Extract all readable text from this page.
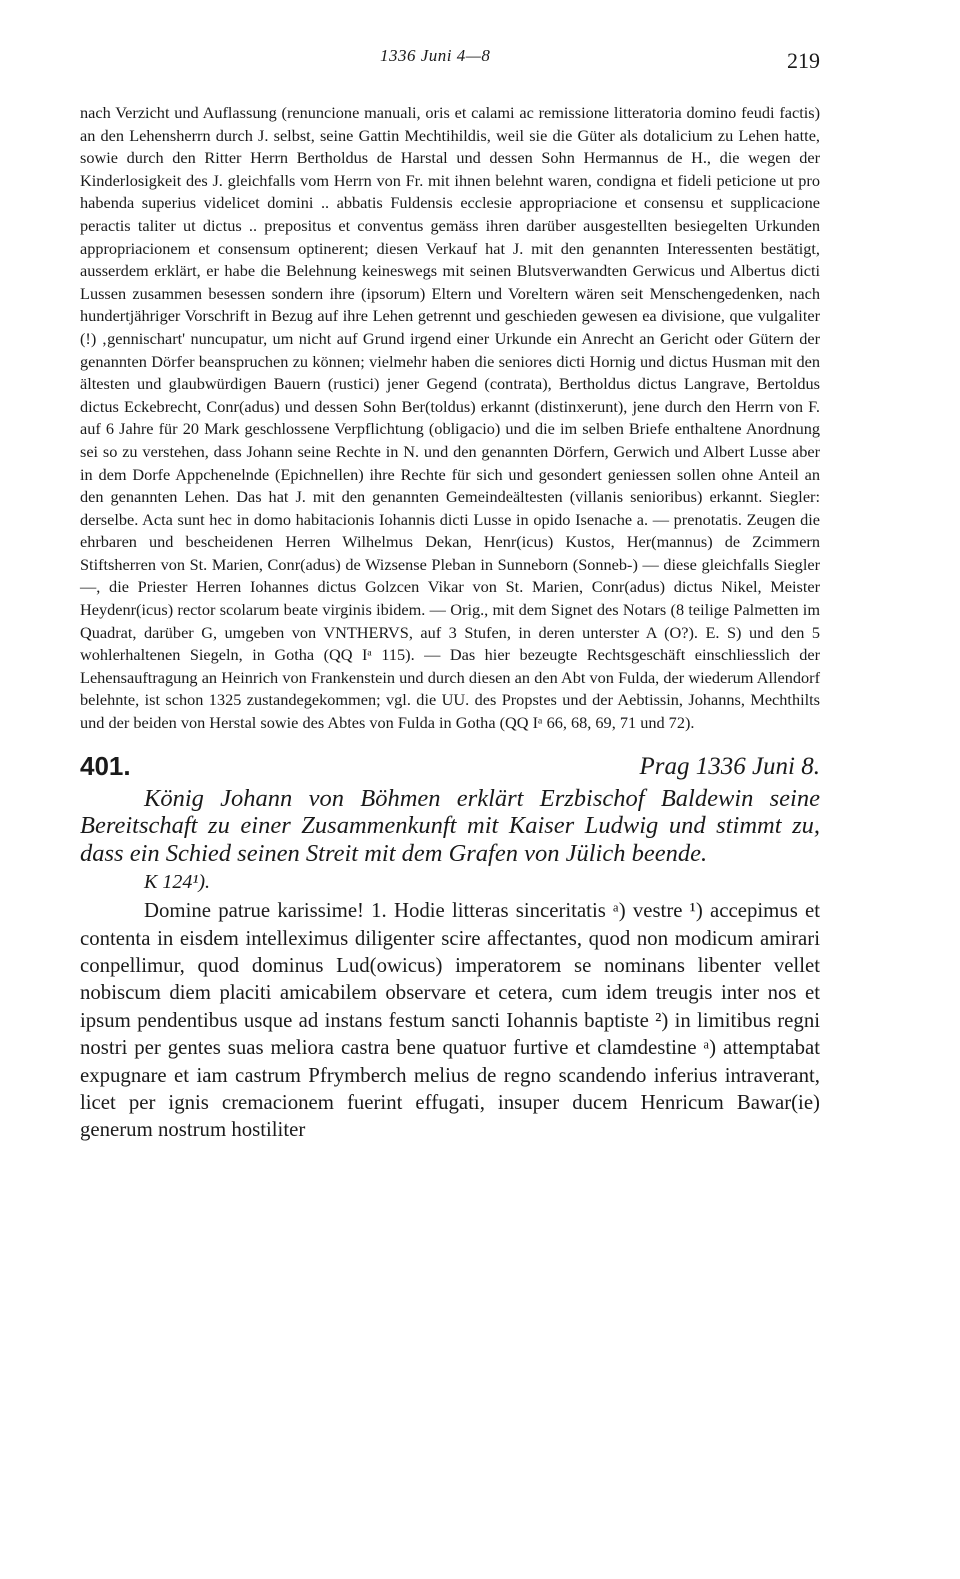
1336 Juni 4—8	219

nach Verzicht und Auflassung (renuncione manuali, oris et calami ac remissione litteratoria domino feudi factis) an den Lehensherrn durch J. selbst, seine Gattin Mechtihildis, weil sie die Güter als dotalicium zu Lehen hatte, sowie durch den Ritter Herrn Bertholdus de Harstal und dessen Sohn Hermannus de H., die wegen der Kinderlosigkeit des J. gleichfalls vom Herrn von Fr. mit ihnen belehnt waren, condigna et fideli peticione ut pro habenda superius videlicet domini .. abbatis Fuldensis ecclesie appropriacione et consensu et supplicacione peractis taliter ut dictus .. prepositus et conventus gemäss ihren darüber ausgestellten besiegelten Urkunden appropriacionem et consensum optinerent; diesen Verkauf hat J. mit den genannten Interessenten bestätigt, ausserdem erklärt, er habe die Belehnung keineswegs mit seinen Blutsverwandten Gerwicus und Albertus dicti Lussen zusammen besessen sondern ihre (ipsorum) Eltern und Voreltern wären seit Menschengedenken, nach hundertjähriger Vorschrift in Bezug auf ihre Lehen getrennt und geschieden gewesen ea divisione, que vulgaliter (!) ‚gennischart' nuncupatur, um nicht auf Grund irgend einer Urkunde ein Anrecht an Gericht oder Gütern der genannten Dörfer beanspruchen zu können; vielmehr haben die seniores dicti Hornig und dictus Husman mit den ältesten und glaubwürdigen Bauern (rustici) jener Gegend (contrata), Bertholdus dictus Langrave, Bertoldus dictus Eckebrecht, Conr(adus) und dessen Sohn Ber(toldus) erkannt (distinxerunt), jene durch den Herrn von F. auf 6 Jahre für 20 Mark geschlossene Verpflichtung (obligacio) und die im selben Briefe enthaltene Anordnung sei so zu verstehen, dass Johann seine Rechte in N. und den genannten Dörfern, Gerwich und Albert Lusse aber in dem Dorfe Appchenelnde (Epichnellen) ihre Rechte für sich und gesondert geniessen sollen ohne Anteil an den genannten Lehen. Das hat J. mit den genannten Gemeindeältesten (villanis senioribus) erkannt. Siegler: derselbe. Acta sunt hec in domo habitacionis Iohannis dicti Lusse in opido Isenache a. — prenotatis. Zeugen die ehrbaren und bescheidenen Herren Wilhelmus Dekan, Henr(icus) Kustos, Her(mannus) de Zcimmern Stiftsherren von St. Marien, Conr(adus) de Wizsense Pleban in Sunneborn (Sonneb-) — diese gleichfalls Siegler —, die Priester Herren Iohannes dictus Golzcen Vikar von St. Marien, Conr(adus) dictus Nikel, Meister Heydenr(icus) rector scolarum beate virginis ibidem. — Orig., mit dem Signet des Notars (8 teilige Palmetten im Quadrat, darüber G, umgeben von VNTHERVS, auf 3 Stufen, in deren unterster A (O?). E. S) und den 5 wohlerhaltenen Siegeln, in Gotha (QQ Iᵃ 115). — Das hier bezeugte Rechtsgeschäft einschliesslich der Lehensauftragung an Heinrich von Frankenstein und durch diesen an den Abt von Fulda, der wiederum Allendorf belehnte, ist schon 1325 zustandegekommen; vgl. die UU. des Propstes und der Aebtissin, Johanns, Mechthilts und der beiden von Herstal sowie des Abtes von Fulda in Gotha (QQ Iᵃ 66, 68, 69, 71 und 72).

401.	Prag 1336 Juni 8.

König Johann von Böhmen erklärt Erzbischof Baldewin seine Bereitschaft zu einer Zusammenkunft mit Kaiser Ludwig und stimmt zu, dass ein Schied seinen Streit mit dem Grafen von Jülich beende.

K 124¹).

Domine patrue karissime! 1. Hodie litteras sinceritatis ᵃ) vestre ¹) accepimus et contenta in eisdem intelleximus diligenter scire affectantes, quod non modicum amirari conpellimur, quod dominus Lud(owicus) imperatorem se nominans libenter vellet nobiscum diem placiti amicabilem observare et cetera, cum idem treugis inter nos et ipsum pendentibus usque ad instans festum sancti Iohannis baptiste ²) in limitibus regni nostri per gentes suas meliora castra bene quatuor furtive et clamdestine ᵃ) attemptabat expugnare et iam castrum Pfrymberch melius de regno scandendo inferius intraverant, licet per ignis cremacionem fuerint effugati, insuper ducem Henricum Bawar(ie) generum nostrum hostiliter
